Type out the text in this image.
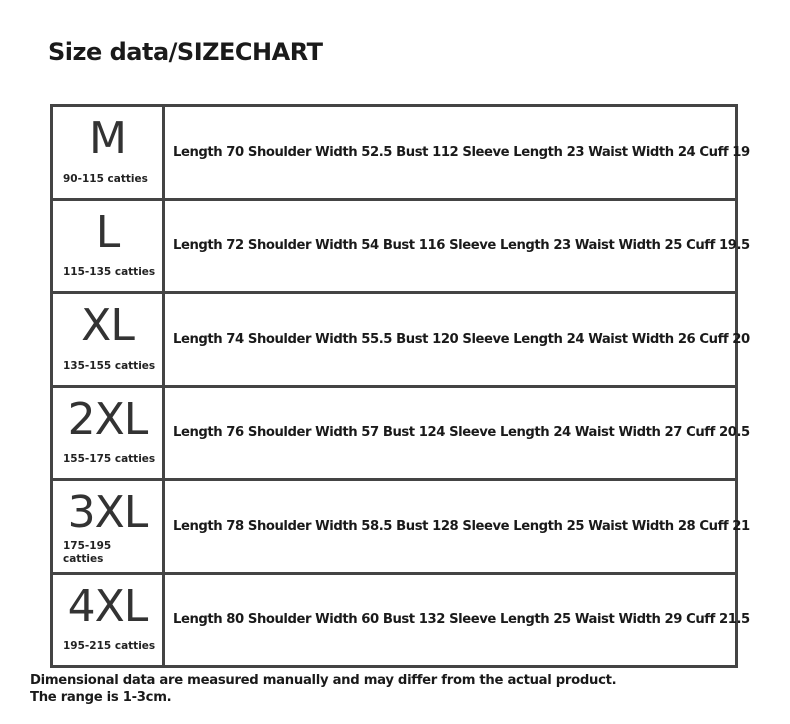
Size data/SIZECHART
M
90-115 catties
Length 70 Shoulder Width 52.5 Bust 112 Sleeve Length 23 Waist Width 24 Cuff 19
L
115-135 catties
Length 72 Shoulder Width 54 Bust 116 Sleeve Length 23 Waist Width 25 Cuff 19.5
XL
135-155 catties
Length 74 Shoulder Width 55.5 Bust 120 Sleeve Length 24 Waist Width 26 Cuff 20
2XL
155-175 catties
Length 76 Shoulder Width 57 Bust 124 Sleeve Length 24 Waist Width 27 Cuff 20.5
3XL
175-195 catties
Length 78 Shoulder Width 58.5 Bust 128 Sleeve Length 25 Waist Width 28 Cuff 21
4XL
195-215 catties
Length 80 Shoulder Width 60 Bust 132 Sleeve Length 25 Waist Width 29 Cuff 21.5
Dimensional data are measured manually and may differ from the actual product. The range is 1-3cm.
